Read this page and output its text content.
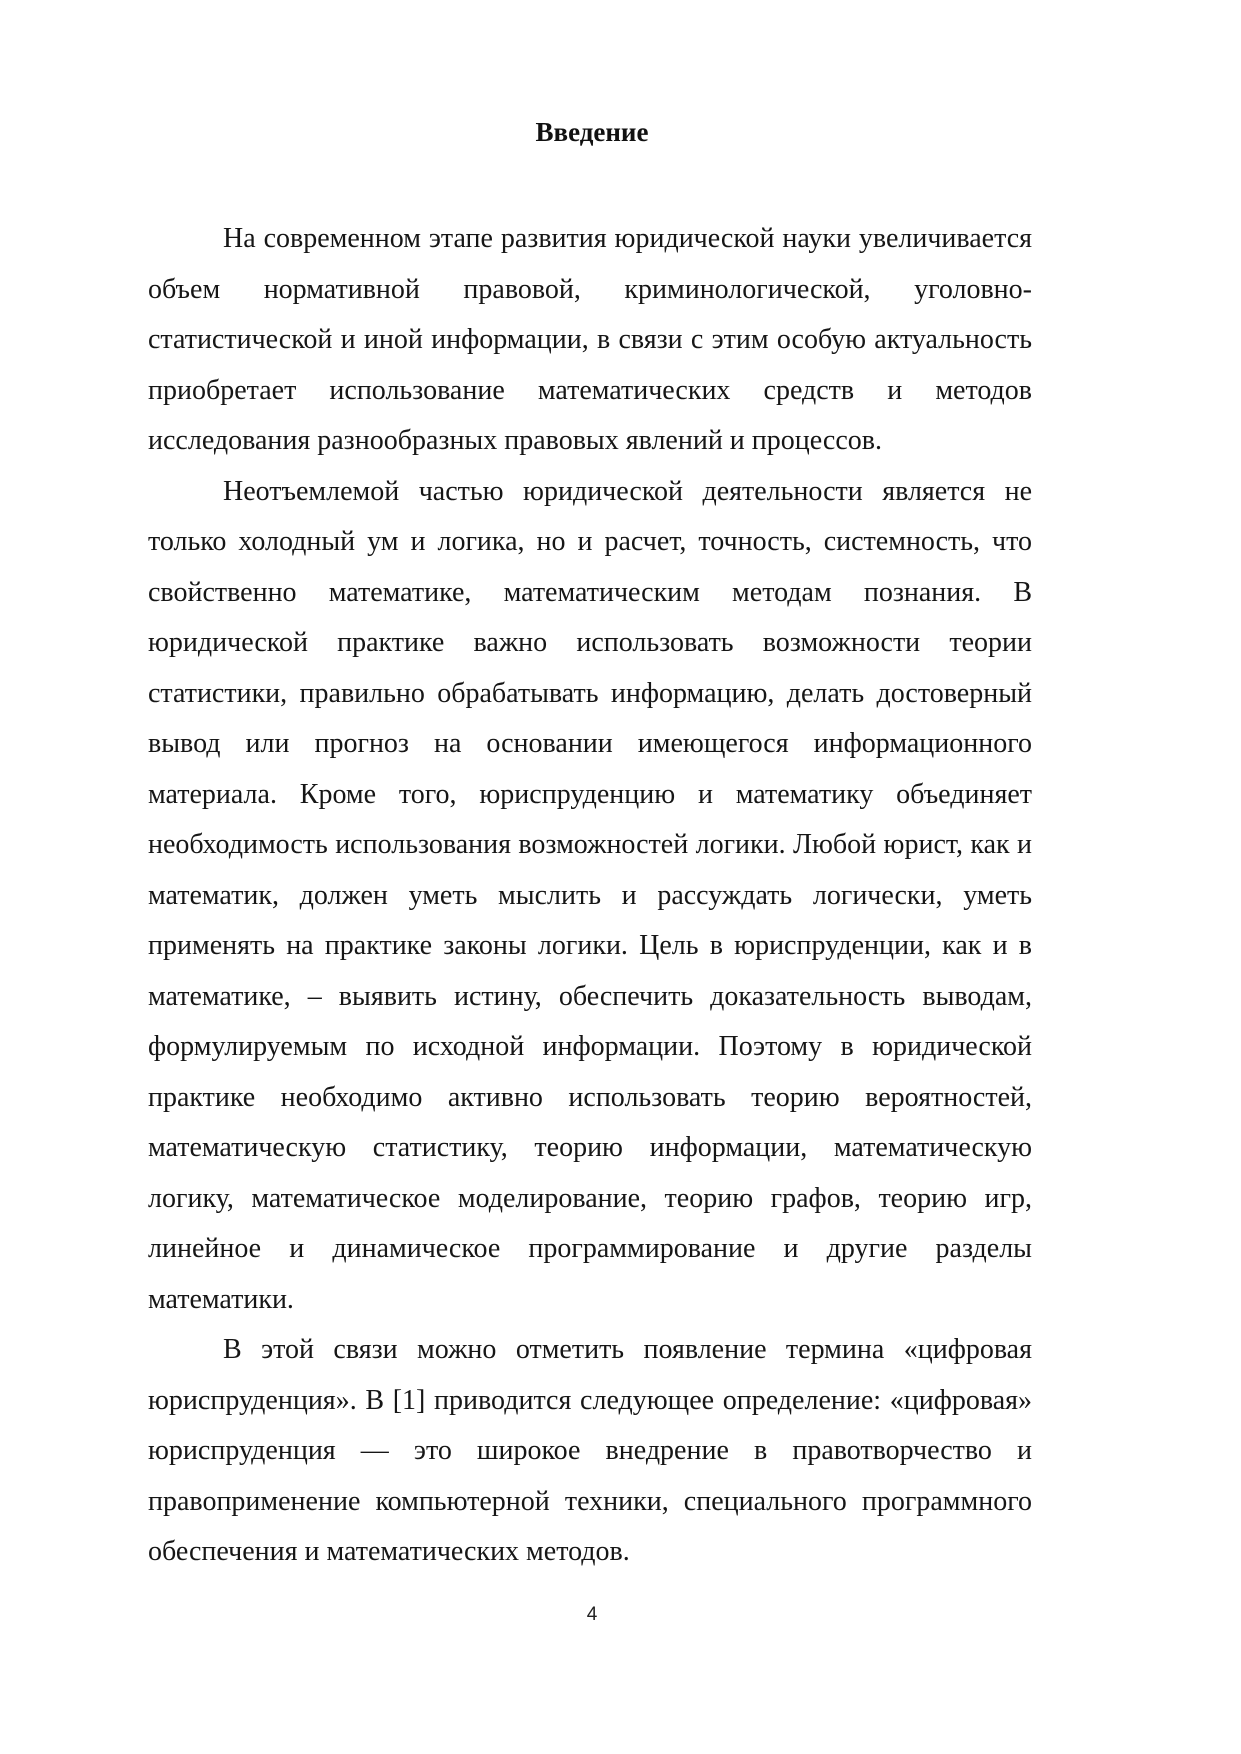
Введение

На современном этапе развития юридической науки увеличивается объем нормативной правовой, криминологической, уголовно-статистической и иной информации, в связи с этим особую актуальность приобретает использование математических средств и методов исследования разнообразных правовых явлений и процессов.

Неотъемлемой частью юридической деятельности является не только холодный ум и логика, но и расчет, точность, системность, что свойственно математике, математическим методам познания. В юридической практике важно использовать возможности теории статистики, правильно обрабатывать информацию, делать достоверный вывод или прогноз на основании имеющегося информационного материала. Кроме того, юриспруденцию и математику объединяет необходимость использования возможностей логики. Любой юрист, как и математик, должен уметь мыслить и рассуждать логически, уметь применять на практике законы логики. Цель в юриспруденции, как и в математике, – выявить истину, обеспечить доказательность выводам, формулируемым по исходной информации. Поэтому в юридической практике необходимо активно использовать теорию вероятностей, математическую статистику, теорию информации, математическую логику, математическое моделирование, теорию графов, теорию игр, линейное и динамическое программирование и другие разделы математики.

В этой связи можно отметить появление термина «цифровая юриспруденция». В [1] приводится следующее определение: «цифровая» юриспруденция — это широкое внедрение в правотворчество и правоприменение компьютерной техники, специального программного обеспечения и математических методов.

4
